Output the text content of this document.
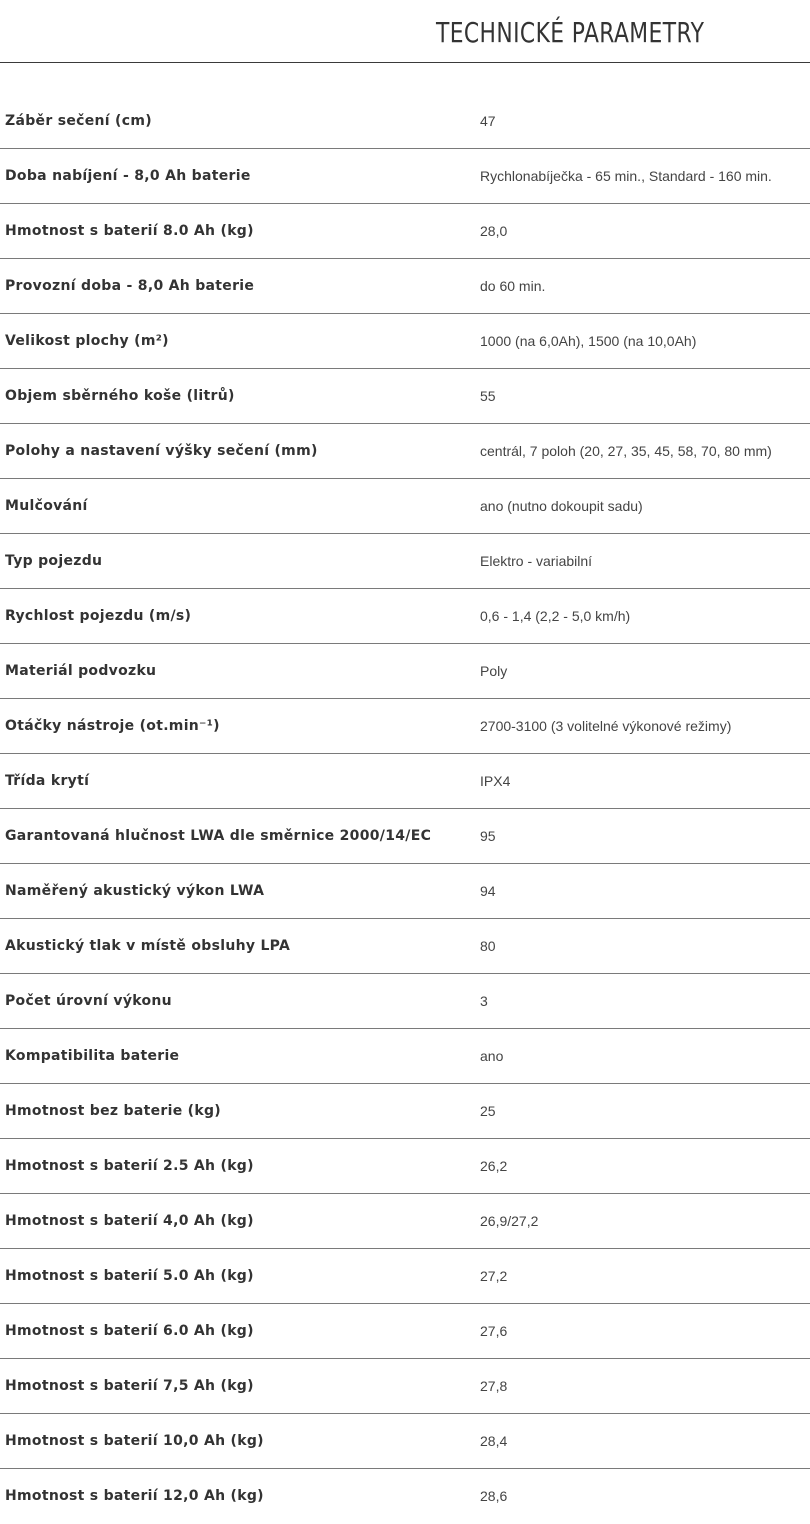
TECHNICKÉ PARAMETRY
Záběr sečení (cm)	47
Doba nabíjení - 8,0 Ah baterie	Rychlonabíječka - 65 min., Standard - 160 min.
Hmotnost s baterií 8.0 Ah (kg)	28,0
Provozní doba - 8,0 Ah baterie	do 60 min.
Velikost plochy (m²)	1000 (na 6,0Ah), 1500 (na 10,0Ah)
Objem sběrného koše (litrů)	55
Polohy a nastavení výšky sečení (mm)	centrál, 7 poloh (20, 27, 35, 45, 58, 70, 80 mm)
Mulčování	ano (nutno dokoupit sadu)
Typ pojezdu	Elektro - variabilní
Rychlost pojezdu (m/s)	0,6 - 1,4 (2,2 - 5,0 km/h)
Materiál podvozku	Poly
Otáčky nástroje (ot.min⁻¹)	2700-3100 (3 volitelné výkonové režimy)
Třída krytí	IPX4
Garantovaná hlučnost LWA dle směrnice 2000/14/EC	95
Naměřený akustický výkon LWA	94
Akustický tlak v místě obsluhy LPA	80
Počet úrovní výkonu	3
Kompatibilita baterie	ano
Hmotnost bez baterie (kg)	25
Hmotnost s baterií 2.5 Ah (kg)	26,2
Hmotnost s baterií 4,0 Ah (kg)	26,9/27,2
Hmotnost s baterií 5.0 Ah (kg)	27,2
Hmotnost s baterií 6.0 Ah (kg)	27,6
Hmotnost s baterií 7,5 Ah (kg)	27,8
Hmotnost s baterií 10,0 Ah (kg)	28,4
Hmotnost s baterií 12,0 Ah (kg)	28,6
